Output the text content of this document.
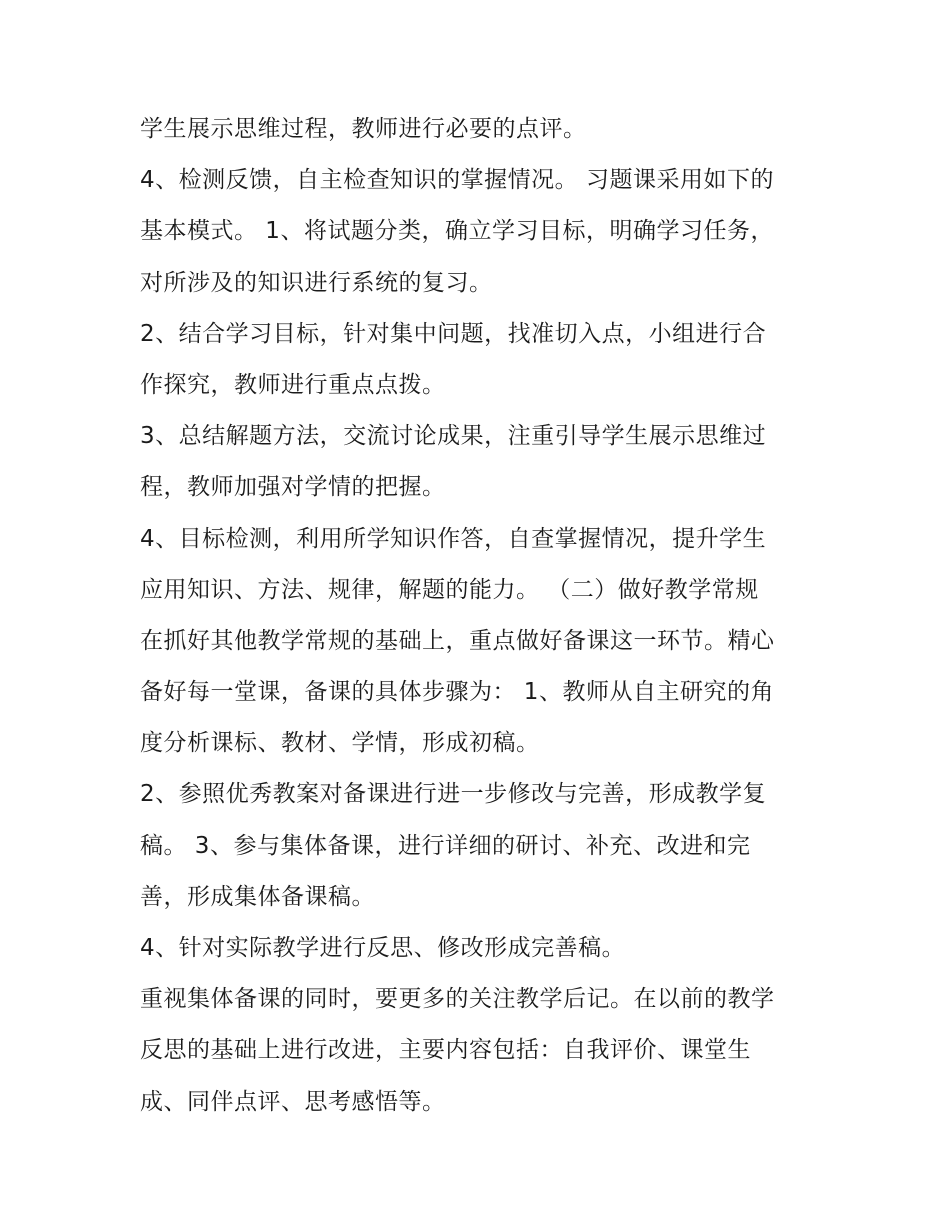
学生展示思维过程，教师进行必要的点评。
4、检测反馈，自主检查知识的掌握情况。 习题课采用如下的
基本模式。 1、将试题分类，确立学习目标，明确学习任务，
对所涉及的知识进行系统的复习。
2、结合学习目标，针对集中问题，找准切入点，小组进行合
作探究，教师进行重点点拨。
3、总结解题方法，交流讨论成果，注重引导学生展示思维过
程，教师加强对学情的把握。
4、目标检测，利用所学知识作答，自查掌握情况，提升学生
应用知识、方法、规律，解题的能力。 （二）做好教学常规
在抓好其他教学常规的基础上，重点做好备课这一环节。精心
备好每一堂课，备课的具体步骤为： 1、教师从自主研究的角
度分析课标、教材、学情，形成初稿。
2、参照优秀教案对备课进行进一步修改与完善，形成教学复
稿。 3、参与集体备课，进行详细的研讨、补充、改进和完
善，形成集体备课稿。
4、针对实际教学进行反思、修改形成完善稿。
重视集体备课的同时，要更多的关注教学后记。在以前的教学
反思的基础上进行改进，主要内容包括：自我评价、课堂生
成、同伴点评、思考感悟等。
